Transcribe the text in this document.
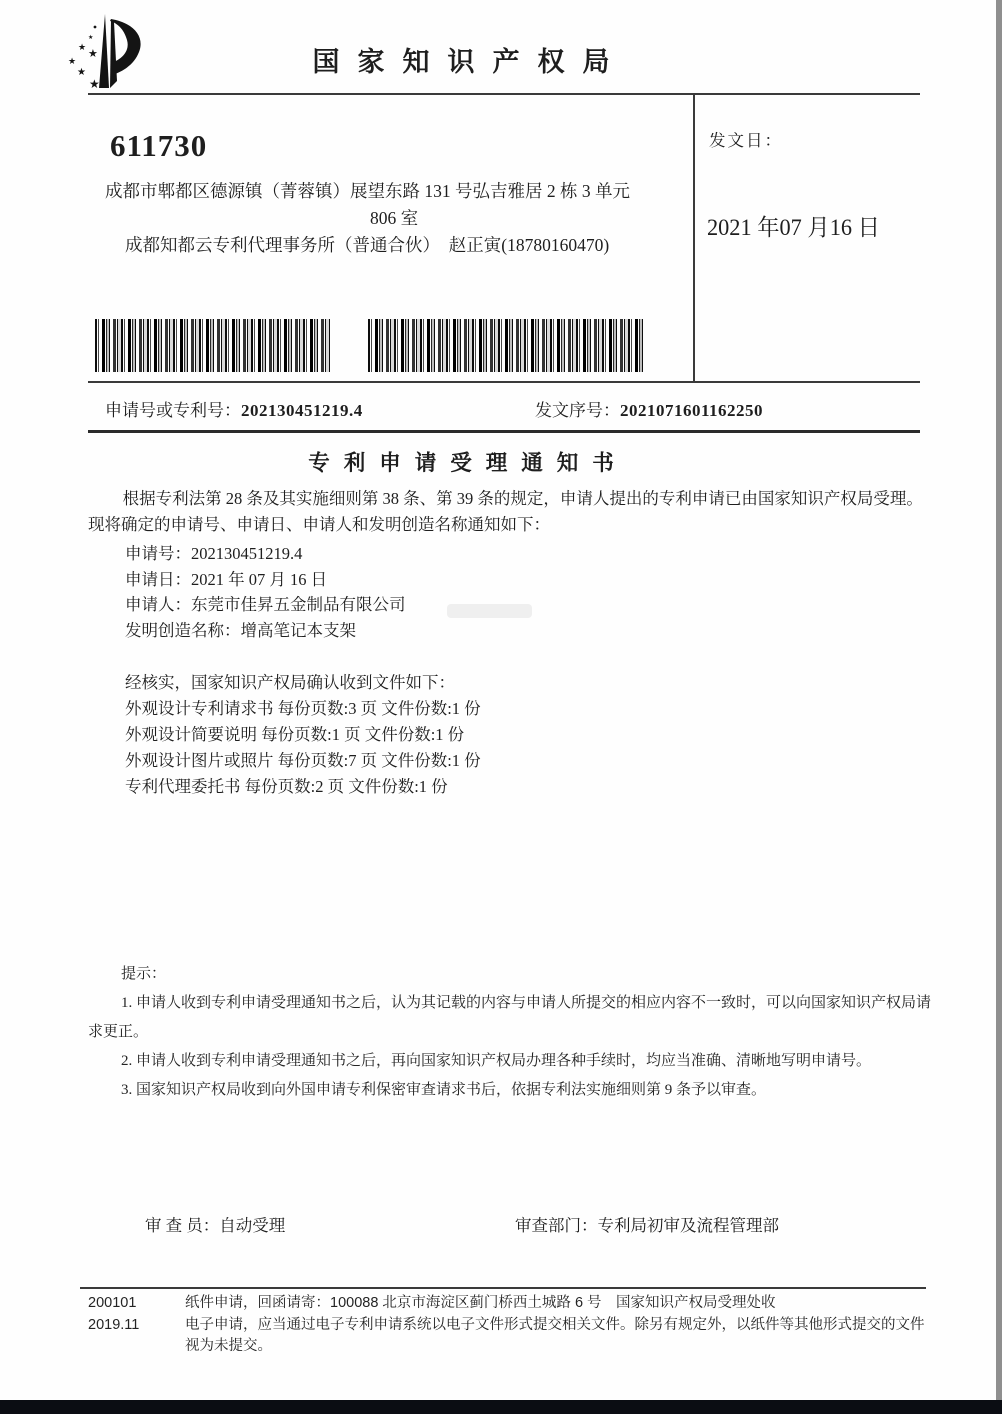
★
★
★
★
★
★
国家知识产权局
611730
成都市郫都区德源镇（菁蓉镇）展望东路 131 号弘吉雅居 2 栋 3 单元
806 室
成都知都云专利代理事务所（普通合伙）　赵正寅(18780160470)
发文日：
2021 年07 月16 日
申请号或专利号：202130451219.4	发文序号：2021071601162250
专利申请受理通知书

根据专利法第 28 条及其实施细则第 38 条、第 39 条的规定，申请人提出的专利申请已由国家知识产权局受理。现将确定的申请号、申请日、申请人和发明创造名称通知如下：

申请号：202130451219.4
申请日：2021 年 07 月 16 日
申请人：东莞市佳昇五金制品有限公司
发明创造名称：增高笔记本支架
经核实，国家知识产权局确认收到文件如下：
外观设计专利请求书 每份页数:3 页 文件份数:1 份
外观设计简要说明 每份页数:1 页 文件份数:1 份
外观设计图片或照片 每份页数:7 页 文件份数:1 份
专利代理委托书 每份页数:2 页 文件份数:1 份

提示：

1. 申请人收到专利申请受理通知书之后，认为其记载的内容与申请人所提交的相应内容不一致时，可以向国家知识产权局请求更正。

2. 申请人收到专利申请受理通知书之后，再向国家知识产权局办理各种手续时，均应当准确、清晰地写明申请号。

3. 国家知识产权局收到向外国申请专利保密审查请求书后，依据专利法实施细则第 9 条予以审查。

审 查 员：自动受理	审查部门：专利局初审及流程管理部
200101
2019.11

纸件申请，回函请寄：100088 北京市海淀区蓟门桥西土城路 6 号　国家知识产权局受理处收

电子申请，应当通过电子专利申请系统以电子文件形式提交相关文件。除另有规定外，以纸件等其他形式提交的文件视为未提交。
